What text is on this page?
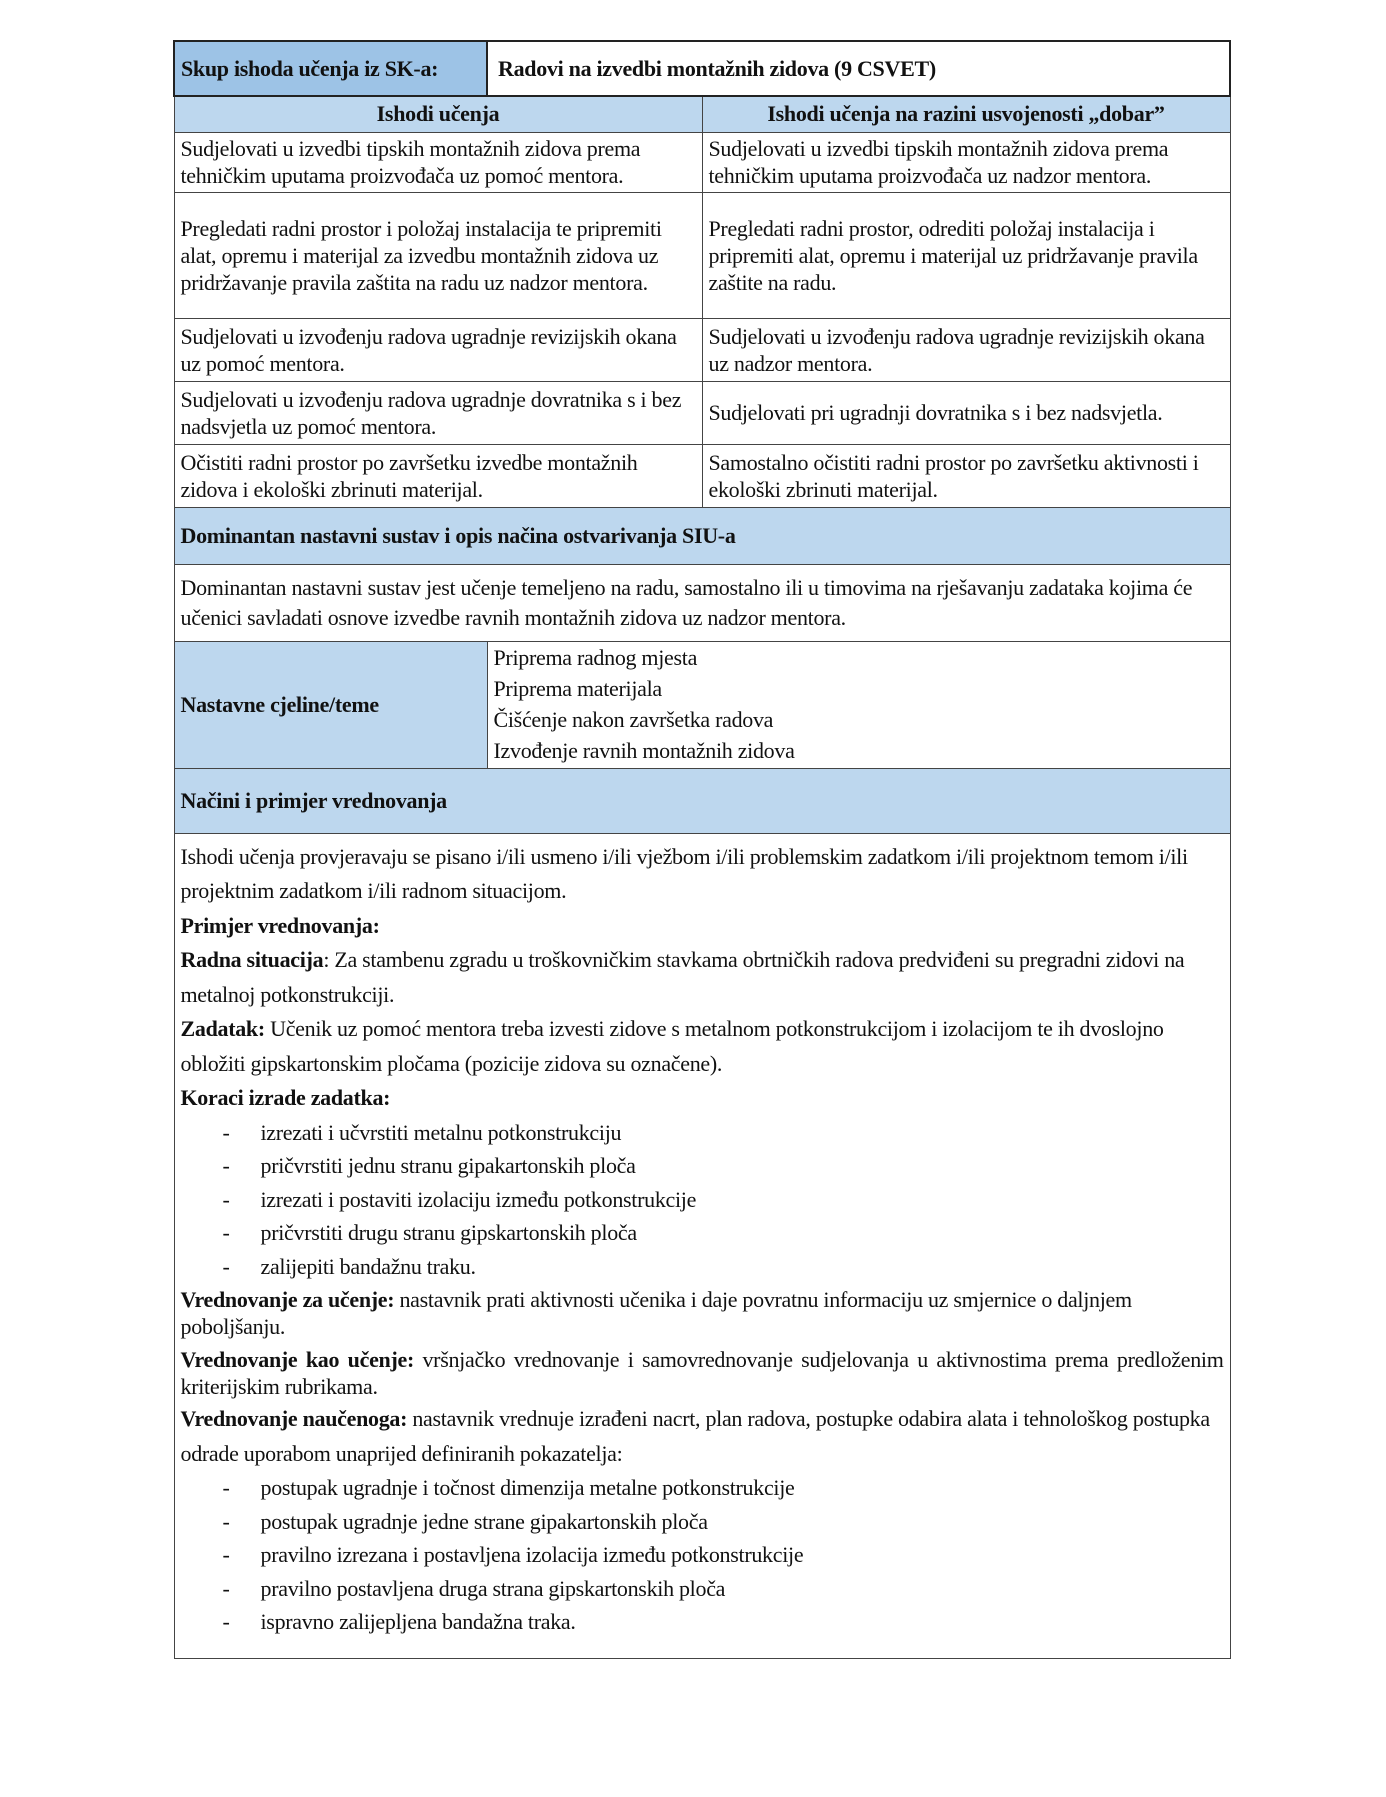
Skup ishoda učenja iz SK-a:	Radovi na izvedbi montažnih zidova (9 CSVET)	
Ishodi učenja		Ishodi učenja na razini usvojenosti „dobar”
Sudjelovati u izvedbi tipskih montažnih zidova prema tehničkim uputama proizvođača uz pomoć mentora.		Sudjelovati u izvedbi tipskih montažnih zidova prema tehničkim uputama proizvođača uz nadzor mentora.
Pregledati radni prostor i položaj instalacija te pripremiti alat, opremu i materijal za izvedbu montažnih zidova uz pridržavanje pravila zaštita na radu uz nadzor mentora.		Pregledati radni prostor, odrediti položaj instalacija i pripremiti alat, opremu i materijal uz pridržavanje pravila zaštite na radu.
Sudjelovati u izvođenju radova ugradnje revizijskih okana uz pomoć mentora.		Sudjelovati u izvođenju radova ugradnje revizijskih okana uz nadzor mentora.
Sudjelovati u izvođenju radova ugradnje dovratnika s i bez nadsvjetla uz pomoć mentora.		Sudjelovati pri ugradnji dovratnika s i bez nadsvjetla.
Očistiti radni prostor po završetku izvedbe montažnih zidova i ekološki zbrinuti materijal.		Samostalno očistiti radni prostor po završetku aktivnosti i ekološki zbrinuti materijal.
Dominantan nastavni sustav i opis načina ostvarivanja SIU-a		
Dominantan nastavni sustav jest učenje temeljeno na radu, samostalno ili u timovima na rješavanju zadataka kojima će učenici savladati osnove izvedbe ravnih montažnih zidova uz nadzor mentora.		
Nastavne cjeline/teme	Priprema radnog mjesta
Priprema materijala
Čišćenje nakon završetka radova
Izvođenje ravnih montažnih zidova	

Načini i primjer vrednovanja		

Ishodi učenja provjeravaju se pisano i/ili usmeno i/ili vježbom i/ili problemskim zadatkom i/ili projektnom temom i/ili projektnim zadatkom i/ili radnom situacijom.

Primjer vrednovanja:

Radna situacija: Za stambenu zgradu u troškovničkim stavkama obrtničkih radova predviđeni su pregradni zidovi na metalnoj potkonstrukciji.

Zadatak: Učenik uz pomoć mentora treba izvesti zidove s metalnom potkonstrukcijom i izolacijom te ih dvoslojno obložiti gipskartonskim pločama (pozicije zidova su označene).

Koraci izrade zadatka:

- izrezati i učvrstiti metalnu potkonstrukciju
- pričvrstiti jednu stranu gipakartonskih ploča
- izrezati i postaviti izolaciju između potkonstrukcije
- pričvrstiti drugu stranu gipskartonskih ploča
- zalijepiti bandažnu traku.

Vrednovanje za učenje: nastavnik prati aktivnosti učenika i daje povratnu informaciju uz smjernice o daljnjem poboljšanju.

Vrednovanje kao učenje: vršnjačko vrednovanje i samovrednovanje sudjelovanja u aktivnostima prema predloženim kriterijskim rubrikama.

Vrednovanje naučenoga: nastavnik vrednuje izrađeni nacrt, plan radova, postupke odabira alata i tehnološkog postupka odrade uporabom unaprijed definiranih pokazatelja:

- postupak ugradnje i točnost dimenzija metalne potkonstrukcije
- postupak ugradnje jedne strane gipakartonskih ploča
- pravilno izrezana i postavljena izolacija između potkonstrukcije
- pravilno postavljena druga strana gipskartonskih ploča
- ispravno zalijepljena bandažna traka.
